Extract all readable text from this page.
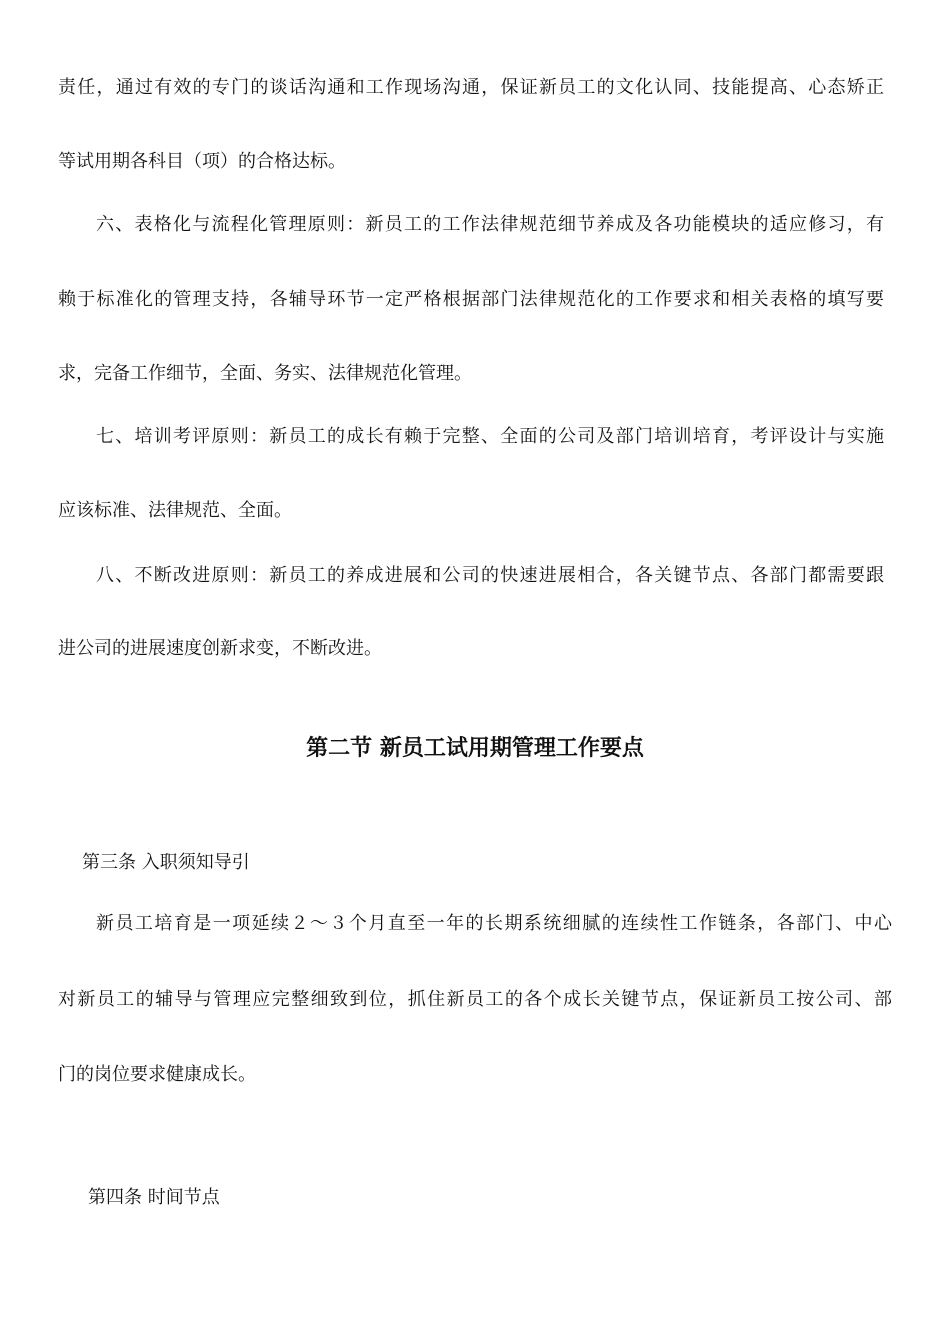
责任，通过有效的专门的谈话沟通和工作现场沟通，保证新员工的文化认同、技能提高、心态矫正

等试用期各科目（项）的合格达标。

六、表格化与流程化管理原则：新员工的工作法律规范细节养成及各功能模块的适应修习，有

赖于标准化的管理支持，各辅导环节一定严格根据部门法律规范化的工作要求和相关表格的填写要

求，完备工作细节，全面、务实、法律规范化管理。

七、培训考评原则：新员工的成长有赖于完整、全面的公司及部门培训培育，考评设计与实施

应该标准、法律规范、全面。

八、不断改进原则：新员工的养成进展和公司的快速进展相合，各关键节点、各部门都需要跟

进公司的进展速度创新求变，不断改进。

第二节 新员工试用期管理工作要点
第三条 入职须知导引

新员工培育是一项延续２～３个月直至一年的长期系统细腻的连续性工作链条，各部门、中心

对新员工的辅导与管理应完整细致到位，抓住新员工的各个成长关键节点，保证新员工按公司、部

门的岗位要求健康成长。

第四条 时间节点
